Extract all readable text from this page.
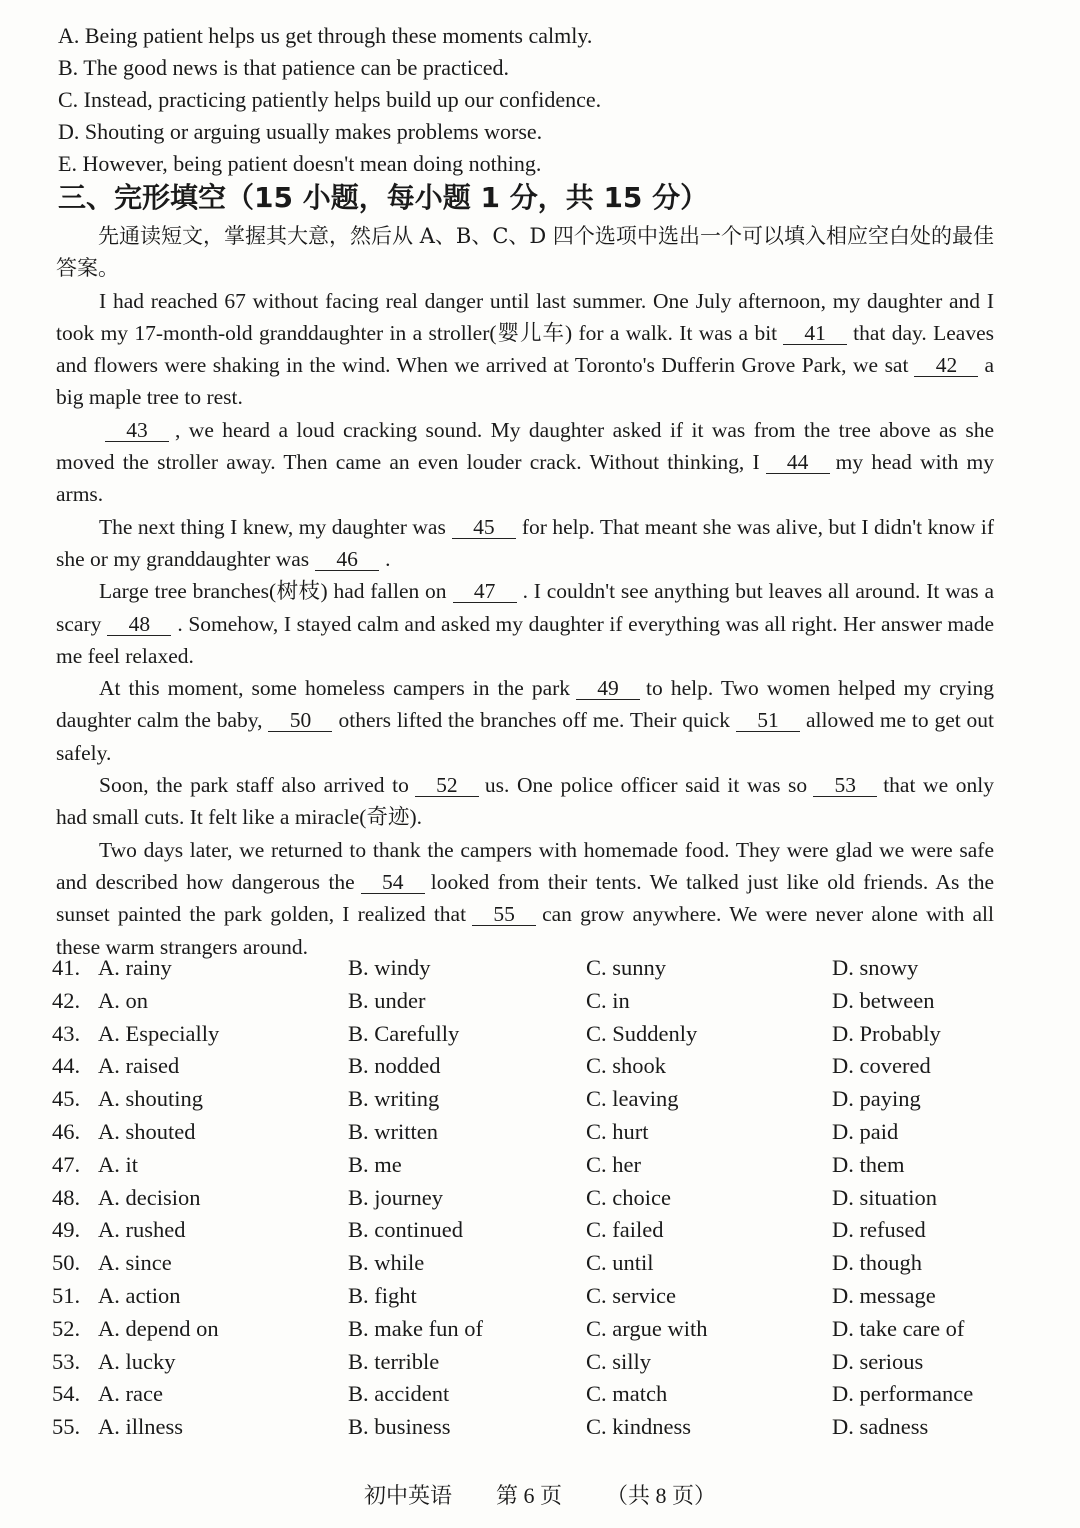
A. Being patient helps us get through these moments calmly.
B. The good news is that patience can be practiced.
C. Instead, practicing patiently helps build up our confidence.
D. Shouting or arguing usually makes problems worse.
E. However, being patient doesn't mean doing nothing.
三、完形填空（15 小题，每小题 1 分，共 15 分）

先通读短文，掌握其大意，然后从 A、B、C、D 四个选项中选出一个可以填入相应空白处的最佳答案。

I had reached 67 without facing real danger until last summer. One July afternoon, my daughter and I took my 17-month-old granddaughter in a stroller(婴儿车) for a walk. It was a bit 41 that day. Leaves and flowers were shaking in the wind. When we arrived at Toronto's Dufferin Grove Park, we sat 42 a big maple tree to rest.

43 , we heard a loud cracking sound. My daughter asked if it was from the tree above as she moved the stroller away. Then came an even louder crack. Without thinking, I 44 my head with my arms.

The next thing I knew, my daughter was 45 for help. That meant she was alive, but I didn't know if she or my granddaughter was 46 .

Large tree branches(树枝) had fallen on 47 . I couldn't see anything but leaves all around. It was a scary 48 . Somehow, I stayed calm and asked my daughter if everything was all right. Her answer made me feel relaxed.

At this moment, some homeless campers in the park 49 to help. Two women helped my crying daughter calm the baby, 50 others lifted the branches off me. Their quick 51 allowed me to get out safely.

Soon, the park staff also arrived to 52 us. One police officer said it was so 53 that we only had small cuts. It felt like a miracle(奇迹).

Two days later, we returned to thank the campers with homemade food. They were glad we were safe and described how dangerous the 54 looked from their tents. We talked just like old friends. As the sunset painted the park golden, I realized that 55 can grow anywhere. We were never alone with all these warm strangers around.

41. A. rainy	B. windy	C. sunny	D. snowy
42. A. on	B. under	C. in	D. between
43. A. Especially	B. Carefully	C. Suddenly	D. Probably
44. A. raised	B. nodded	C. shook	D. covered
45. A. shouting	B. writing	C. leaving	D. paying
46. A. shouted	B. written	C. hurt	D. paid
47. A. it	B. me	C. her	D. them
48. A. decision	B. journey	C. choice	D. situation
49. A. rushed	B. continued	C. failed	D. refused
50. A. since	B. while	C. until	D. though
51. A. action	B. fight	C. service	D. message
52. A. depend on	B. make fun of	C. argue with	D. take care of
53. A. lucky	B. terrible	C. silly	D. serious
54. A. race	B. accident	C. match	D. performance
55. A. illness	B. business	C. kindness	D. sadness
初中英语 第 6 页 （共 8 页）
